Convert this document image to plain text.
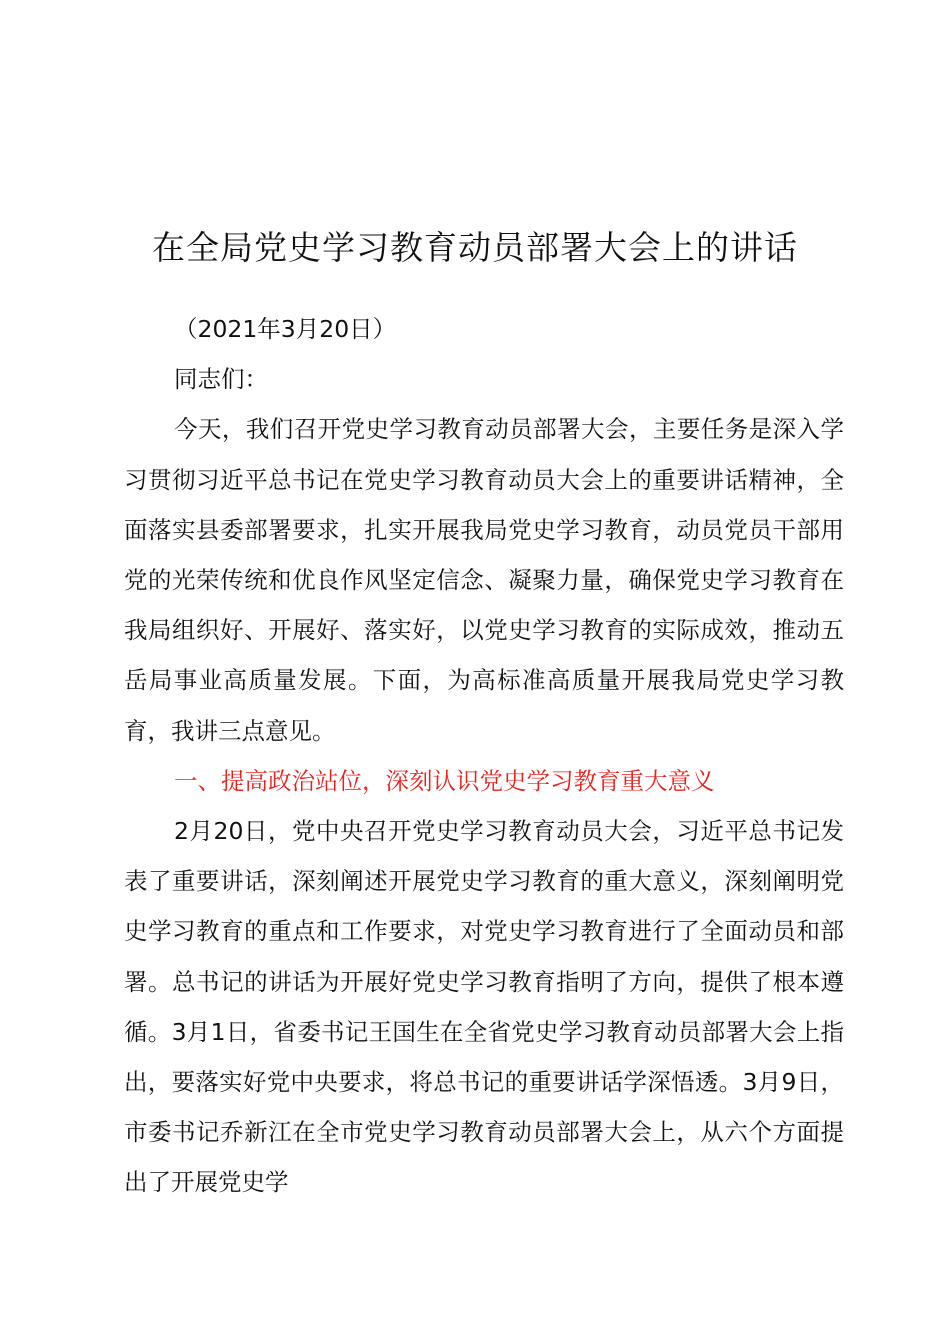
在全局党史学习教育动员部署大会上的讲话

（2021年3月20日）

同志们：

今天，我们召开党史学习教育动员部署大会，主要任务是深入学习贯彻习近平总书记在党史学习教育动员大会上的重要讲话精神，全面落实县委部署要求，扎实开展我局党史学习教育，动员党员干部用党的光荣传统和优良作风坚定信念、凝聚力量，确保党史学习教育在我局组织好、开展好、落实好，以党史学习教育的实际成效，推动五岳局事业高质量发展。下面，为高标准高质量开展我局党史学习教育，我讲三点意见。

一、提高政治站位，深刻认识党史学习教育重大意义

2月20日，党中央召开党史学习教育动员大会，习近平总书记发表了重要讲话，深刻阐述开展党史学习教育的重大意义，深刻阐明党史学习教育的重点和工作要求，对党史学习教育进行了全面动员和部署。总书记的讲话为开展好党史学习教育指明了方向，提供了根本遵循。3月1日，省委书记王国生在全省党史学习教育动员部署大会上指出，要落实好党中央要求，将总书记的重要讲话学深悟透。3月9日，市委书记乔新江在全市党史学习教育动员部署大会上，从六个方面提出了开展党史学
